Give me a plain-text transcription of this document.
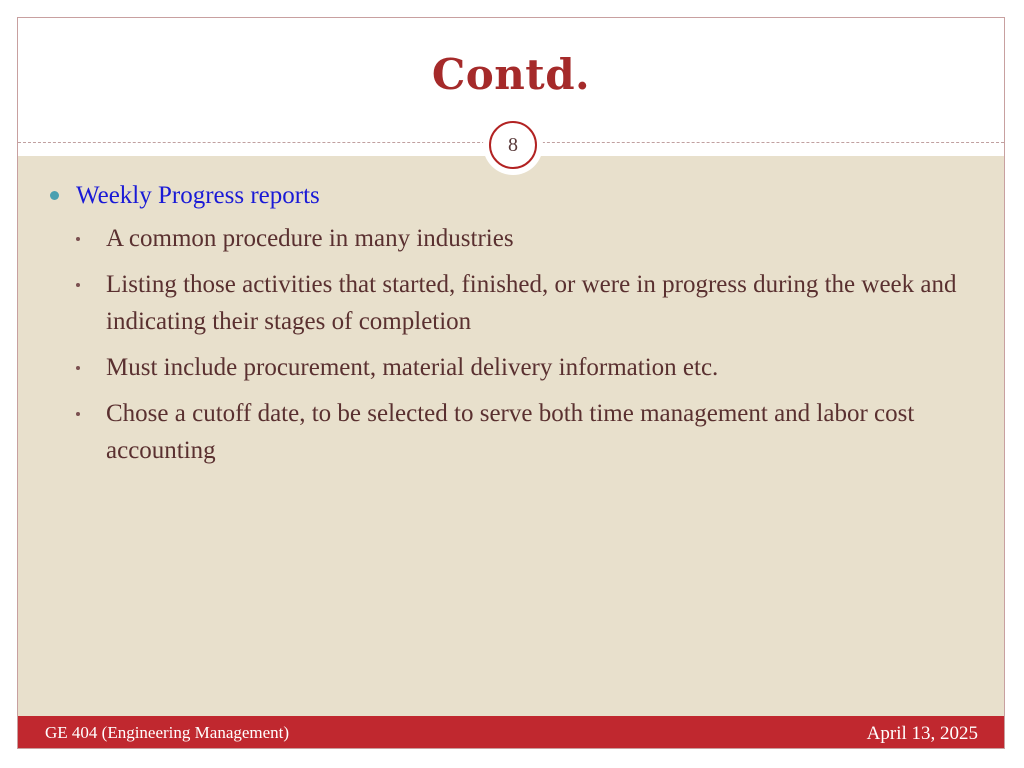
Contd.
8
Weekly Progress reports
A common procedure in many industries
Listing those activities that started, finished, or were in progress during the week and indicating their stages of completion
Must include procurement, material delivery information etc.
Chose a cutoff date, to be selected to serve both time management and labor cost accounting
GE 404 (Engineering Management)	April 13, 2025
